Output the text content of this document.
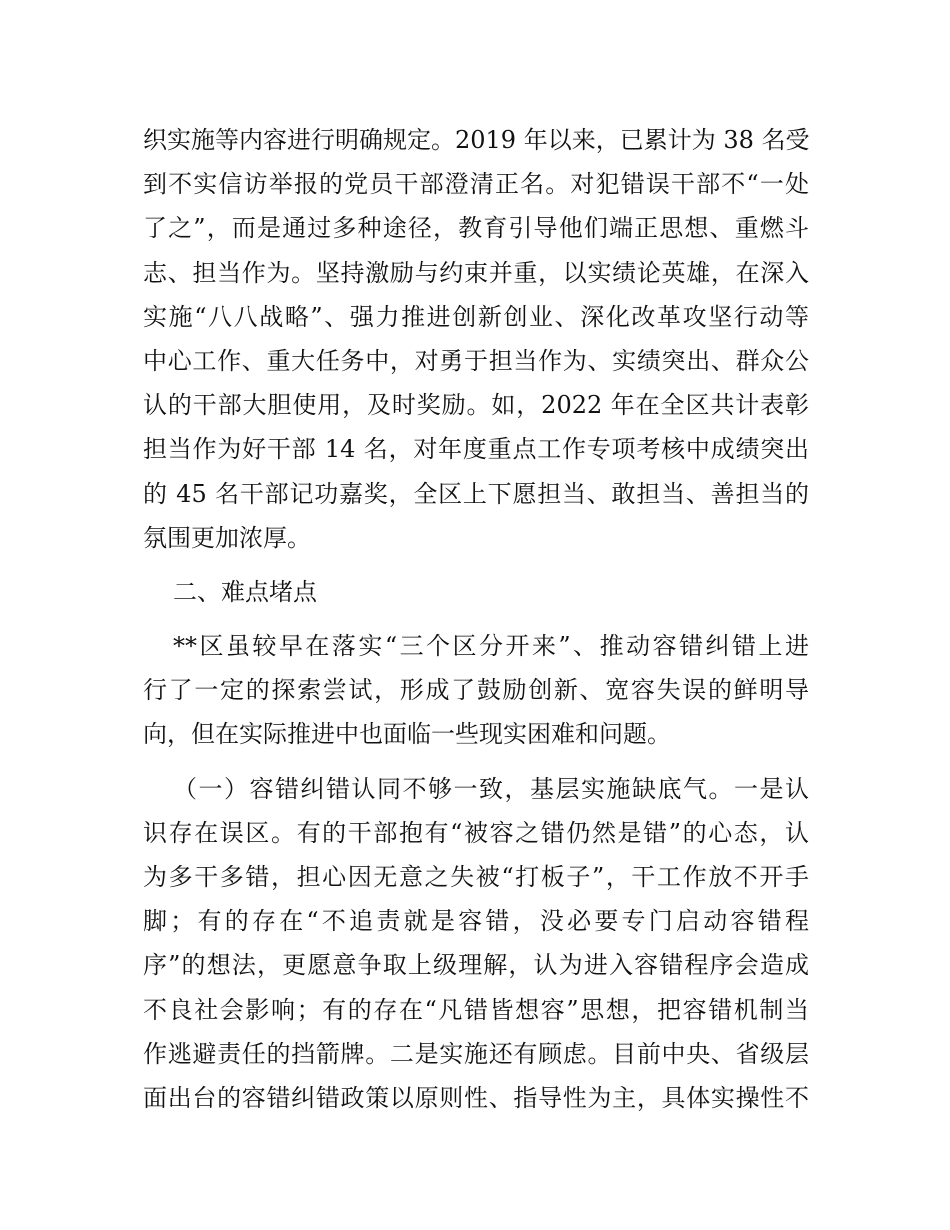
织实施等内容进行明确规定。2019 年以来，已累计为 38 名受
到不实信访举报的党员干部澄清正名。对犯错误干部不“一处
了之”，而是通过多种途径，教育引导他们端正思想、重燃斗
志、担当作为。坚持激励与约束并重，以实绩论英雄，在深入
实施“八八战略”、强力推进创新创业、深化改革攻坚行动等
中心工作、重大任务中，对勇于担当作为、实绩突出、群众公
认的干部大胆使用，及时奖励。如，2022 年在全区共计表彰
担当作为好干部 14 名，对年度重点工作专项考核中成绩突出
的 45 名干部记功嘉奖，全区上下愿担当、敢担当、善担当的
氛围更加浓厚。
二、难点堵点
**区虽较早在落实“三个区分开来”、推动容错纠错上进
行了一定的探索尝试，形成了鼓励创新、宽容失误的鲜明导
向，但在实际推进中也面临一些现实困难和问题。
（一）容错纠错认同不够一致，基层实施缺底气。一是认
识存在误区。有的干部抱有“被容之错仍然是错”的心态，认
为多干多错，担心因无意之失被“打板子”，干工作放不开手
脚；有的存在“不追责就是容错，没必要专门启动容错程
序”的想法，更愿意争取上级理解，认为进入容错程序会造成
不良社会影响；有的存在“凡错皆想容”思想，把容错机制当
作逃避责任的挡箭牌。二是实施还有顾虑。目前中央、省级层
面出台的容错纠错政策以原则性、指导性为主，具体实操性不
